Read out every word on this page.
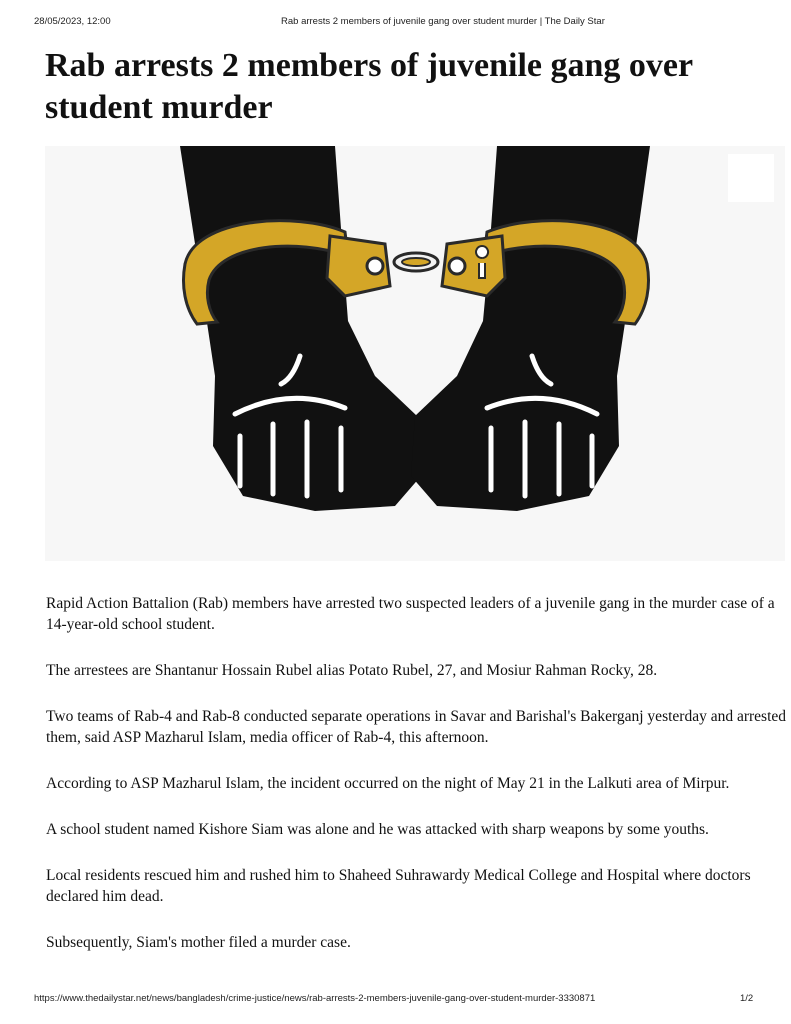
28/05/2023, 12:00	Rab arrests 2 members of juvenile gang over student murder | The Daily Star
Rab arrests 2 members of juvenile gang over student murder

Rapid Action Battalion (Rab) members have arrested two suspected leaders of a juvenile gang in the murder case of a 14-year-old school student.

The arrestees are Shantanur Hossain Rubel alias Potato Rubel, 27, and Mosiur Rahman Rocky, 28.

Two teams of Rab-4 and Rab-8 conducted separate operations in Savar and Barishal's Bakerganj yesterday and arrested them, said ASP Mazharul Islam, media officer of Rab-4, this afternoon.

According to ASP Mazharul Islam, the incident occurred on the night of May 21 in the Lalkuti area of Mirpur.

A school student named Kishore Siam was alone and he was attacked with sharp weapons by some youths.

Local residents rescued him and rushed him to Shaheed Suhrawardy Medical College and Hospital where doctors declared him dead.

Subsequently, Siam's mother filed a murder case.

https://www.thedailystar.net/news/bangladesh/crime-justice/news/rab-arrests-2-members-juvenile-gang-over-student-murder-3330871	1/2
